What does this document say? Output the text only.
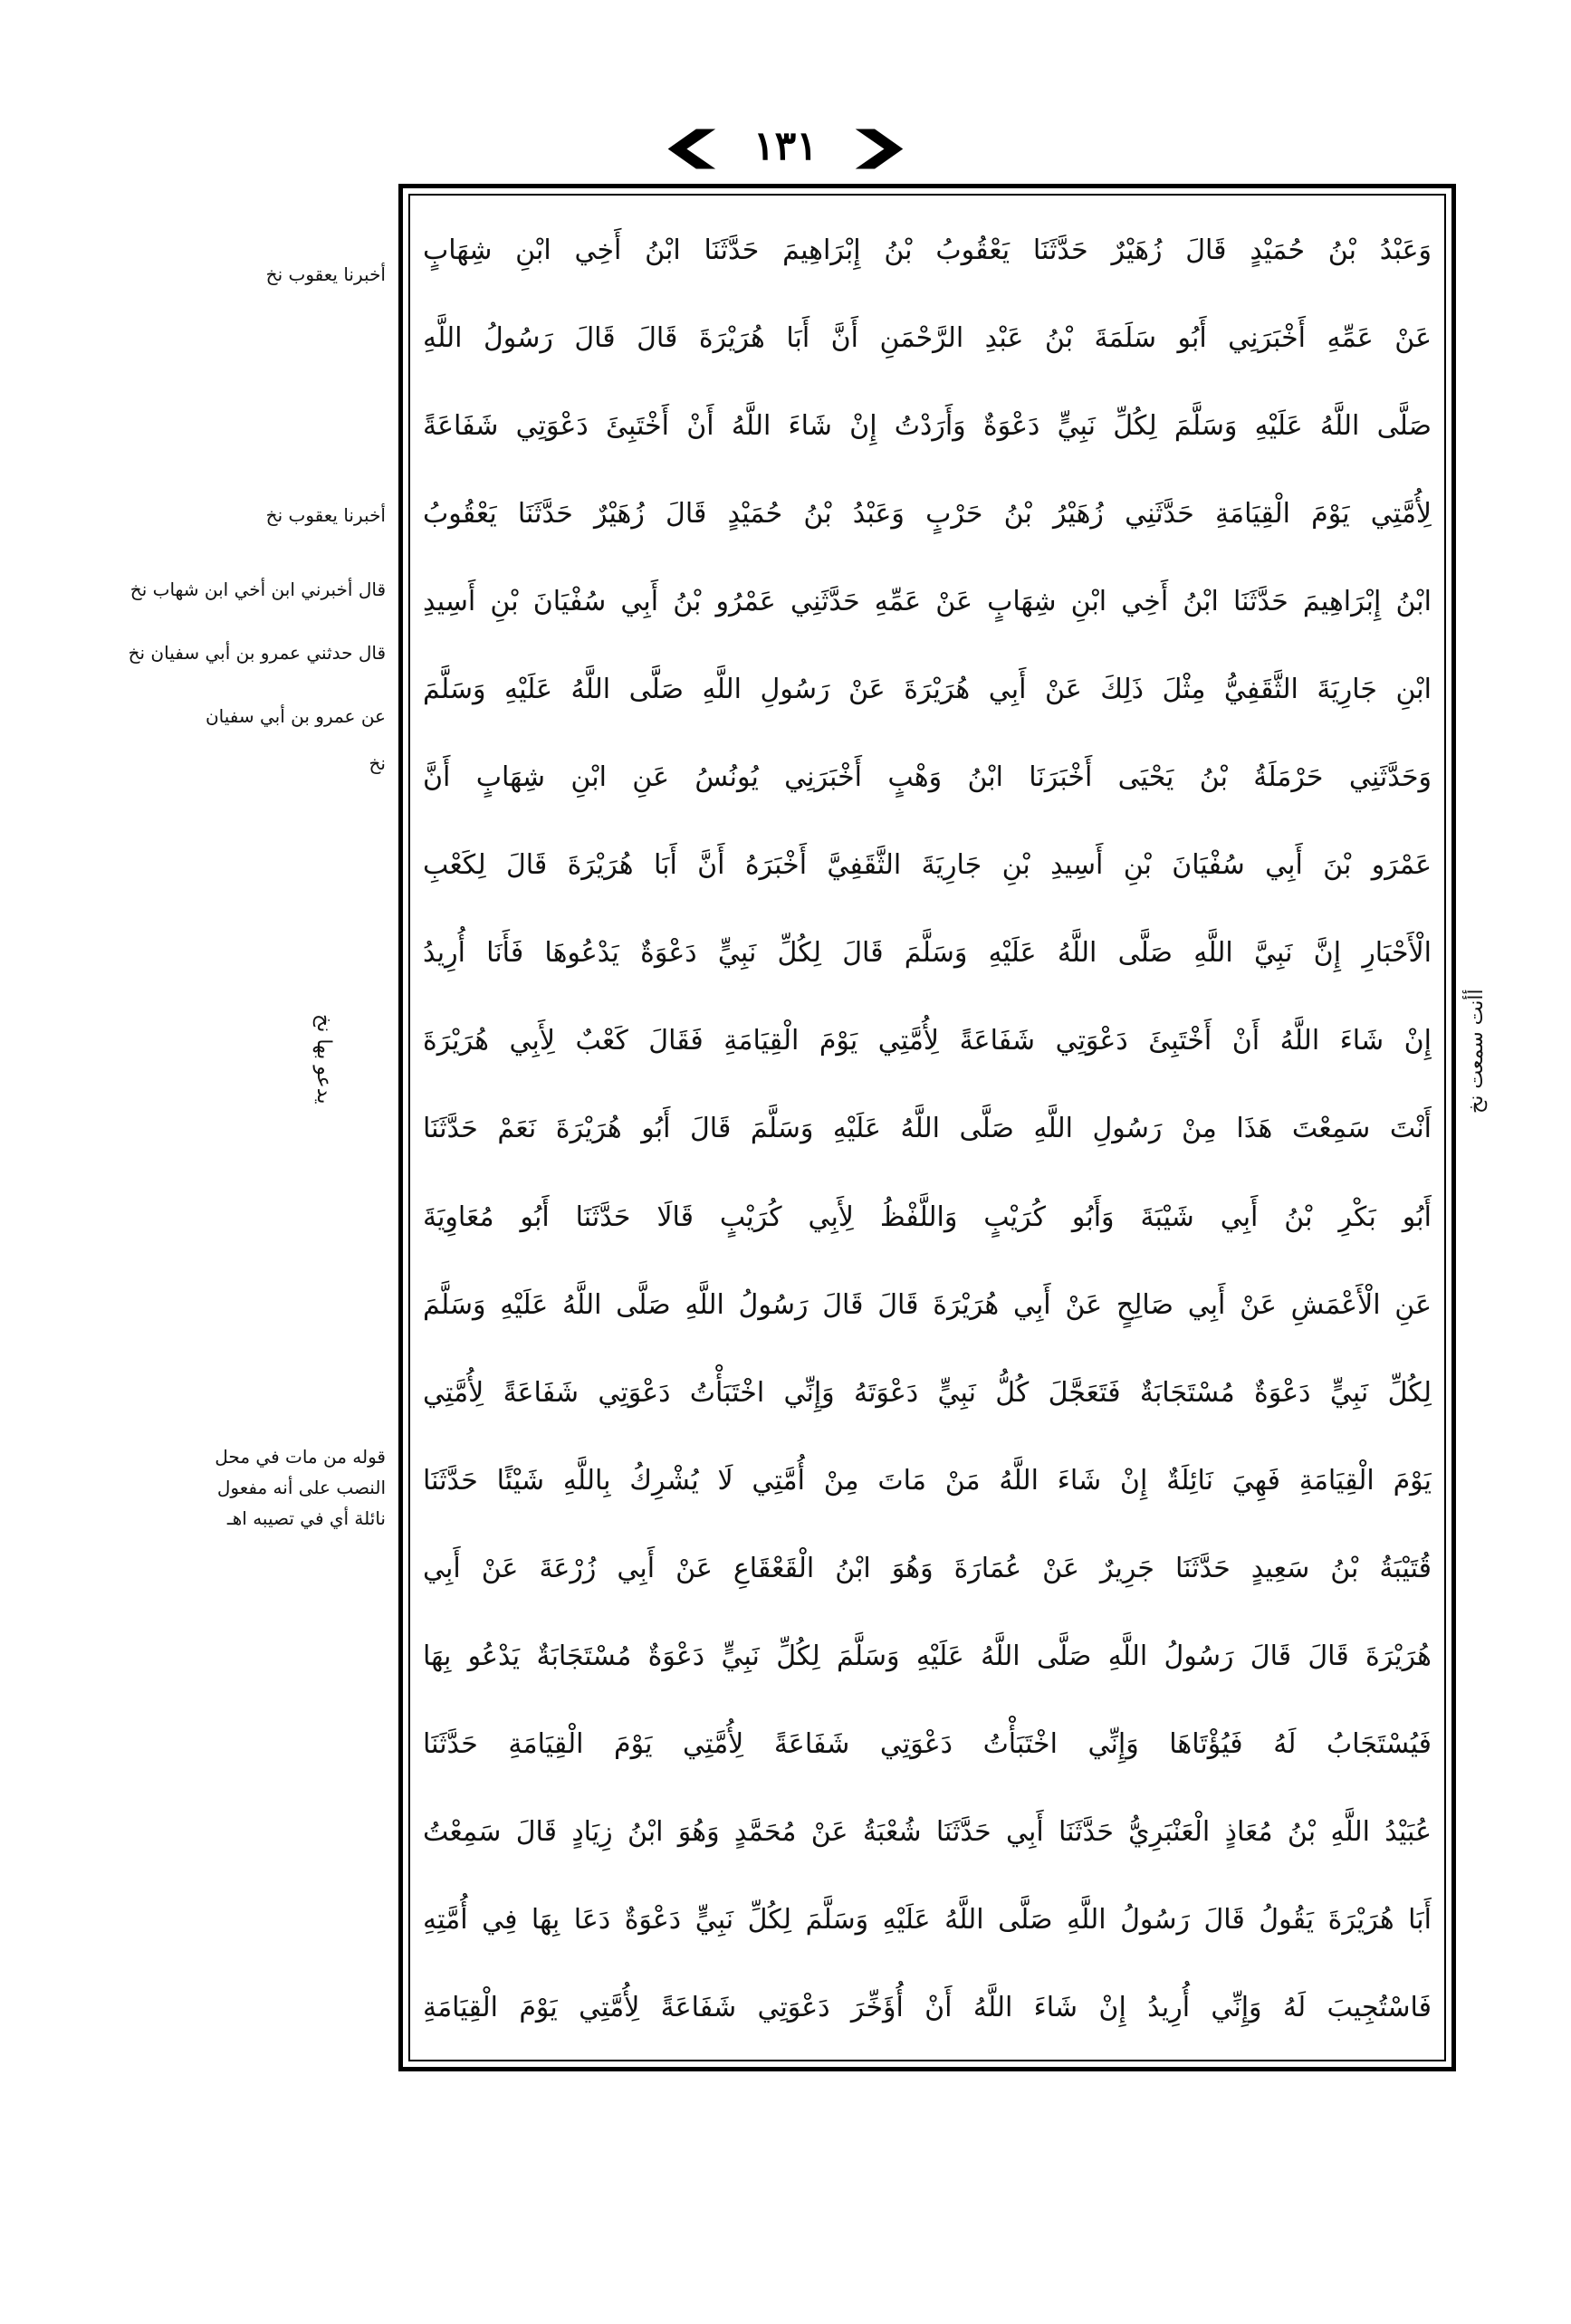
❮ ١٣١ ❯
وَعَبْدُ بْنُ حُمَيْدٍ قَالَ زُهَيْرٌ حَدَّثَنَا يَعْقُوبُ بْنُ إِبْرَاهِيمَ حَدَّثَنَا ابْنُ أَخِي ابْنِ شِهَابٍ
عَنْ عَمِّهِ أَخْبَرَنِي أَبُو سَلَمَةَ بْنُ عَبْدِ الرَّحْمَنِ أَنَّ أَبَا هُرَيْرَةَ قَالَ قَالَ رَسُولُ اللَّهِ
صَلَّى اللَّهُ عَلَيْهِ وَسَلَّمَ لِكُلِّ نَبِيٍّ دَعْوَةٌ وَأَرَدْتُ إِنْ شَاءَ اللَّهُ أَنْ أَخْتَبِئَ دَعْوَتِي شَفَاعَةً
لِأُمَّتِي يَوْمَ الْقِيَامَةِ حَدَّثَنِي زُهَيْرُ بْنُ حَرْبٍ وَعَبْدُ بْنُ حُمَيْدٍ قَالَ زُهَيْرٌ حَدَّثَنَا يَعْقُوبُ
ابْنُ إِبْرَاهِيمَ حَدَّثَنَا ابْنُ أَخِي ابْنِ شِهَابٍ عَنْ عَمِّهِ حَدَّثَنِي عَمْرُو بْنُ أَبِي سُفْيَانَ بْنِ أَسِيدِ
ابْنِ جَارِيَةَ الثَّقَفِيُّ مِثْلَ ذَلِكَ عَنْ أَبِي هُرَيْرَةَ عَنْ رَسُولِ اللَّهِ صَلَّى اللَّهُ عَلَيْهِ وَسَلَّمَ
وَحَدَّثَنِي حَرْمَلَةُ بْنُ يَحْيَى أَخْبَرَنَا ابْنُ وَهْبٍ أَخْبَرَنِي يُونُسُ عَنِ ابْنِ شِهَابٍ أَنَّ
عَمْرَو بْنَ أَبِي سُفْيَانَ بْنِ أَسِيدِ بْنِ جَارِيَةَ الثَّقَفِيَّ أَخْبَرَهُ أَنَّ أَبَا هُرَيْرَةَ قَالَ لِكَعْبِ
الْأَحْبَارِ إِنَّ نَبِيَّ اللَّهِ صَلَّى اللَّهُ عَلَيْهِ وَسَلَّمَ قَالَ لِكُلِّ نَبِيٍّ دَعْوَةٌ يَدْعُوهَا فَأَنَا أُرِيدُ
إِنْ شَاءَ اللَّهُ أَنْ أَخْتَبِئَ دَعْوَتِي شَفَاعَةً لِأُمَّتِي يَوْمَ الْقِيَامَةِ فَقَالَ كَعْبٌ لِأَبِي هُرَيْرَةَ
أَنْتَ سَمِعْتَ هَذَا مِنْ رَسُولِ اللَّهِ صَلَّى اللَّهُ عَلَيْهِ وَسَلَّمَ قَالَ أَبُو هُرَيْرَةَ نَعَمْ حَدَّثَنَا
أَبُو بَكْرِ بْنُ أَبِي شَيْبَةَ وَأَبُو كُرَيْبٍ وَاللَّفْظُ لِأَبِي كُرَيْبٍ قَالَا حَدَّثَنَا أَبُو مُعَاوِيَةَ
عَنِ الْأَعْمَشِ عَنْ أَبِي صَالِحٍ عَنْ أَبِي هُرَيْرَةَ قَالَ قَالَ رَسُولُ اللَّهِ صَلَّى اللَّهُ عَلَيْهِ وَسَلَّمَ
لِكُلِّ نَبِيٍّ دَعْوَةٌ مُسْتَجَابَةٌ فَتَعَجَّلَ كُلُّ نَبِيٍّ دَعْوَتَهُ وَإِنِّي اخْتَبَأْتُ دَعْوَتِي شَفَاعَةً لِأُمَّتِي
يَوْمَ الْقِيَامَةِ فَهِيَ نَائِلَةٌ إِنْ شَاءَ اللَّهُ مَنْ مَاتَ مِنْ أُمَّتِي لَا يُشْرِكُ بِاللَّهِ شَيْئًا حَدَّثَنَا
قُتَيْبَةُ بْنُ سَعِيدٍ حَدَّثَنَا جَرِيرٌ عَنْ عُمَارَةَ وَهُوَ ابْنُ الْقَعْقَاعِ عَنْ أَبِي زُرْعَةَ عَنْ أَبِي
هُرَيْرَةَ قَالَ قَالَ رَسُولُ اللَّهِ صَلَّى اللَّهُ عَلَيْهِ وَسَلَّمَ لِكُلِّ نَبِيٍّ دَعْوَةٌ مُسْتَجَابَةٌ يَدْعُو بِهَا
فَيُسْتَجَابُ لَهُ فَيُؤْتَاهَا وَإِنِّي اخْتَبَأْتُ دَعْوَتِي شَفَاعَةً لِأُمَّتِي يَوْمَ الْقِيَامَةِ حَدَّثَنَا
عُبَيْدُ اللَّهِ بْنُ مُعَاذٍ الْعَنْبَرِيُّ حَدَّثَنَا أَبِي حَدَّثَنَا شُعْبَةُ عَنْ مُحَمَّدٍ وَهُوَ ابْنُ زِيَادٍ قَالَ سَمِعْتُ
أَبَا هُرَيْرَةَ يَقُولُ قَالَ رَسُولُ اللَّهِ صَلَّى اللَّهُ عَلَيْهِ وَسَلَّمَ لِكُلِّ نَبِيٍّ دَعْوَةٌ دَعَا بِهَا فِي أُمَّتِهِ
فَاسْتُجِيبَ لَهُ وَإِنِّي أُرِيدُ إِنْ شَاءَ اللَّهُ أَنْ أُؤَخِّرَ دَعْوَتِي شَفَاعَةً لِأُمَّتِي يَوْمَ الْقِيَامَةِ
أخبرنا يعقوب نخ
أخبرنا يعقوب نخ
قال أخبرني ابن أخي ابن شهاب نخ
قال حدثني عمرو بن أبي سفيان نخ
عن عمرو بن أبي سفيان
نخ
قوله من مات في محل
النصب على أنه مفعول
نائلة أي في تصيبه اهـ
يدعو بها نخ	أأنت سمعت نخ
